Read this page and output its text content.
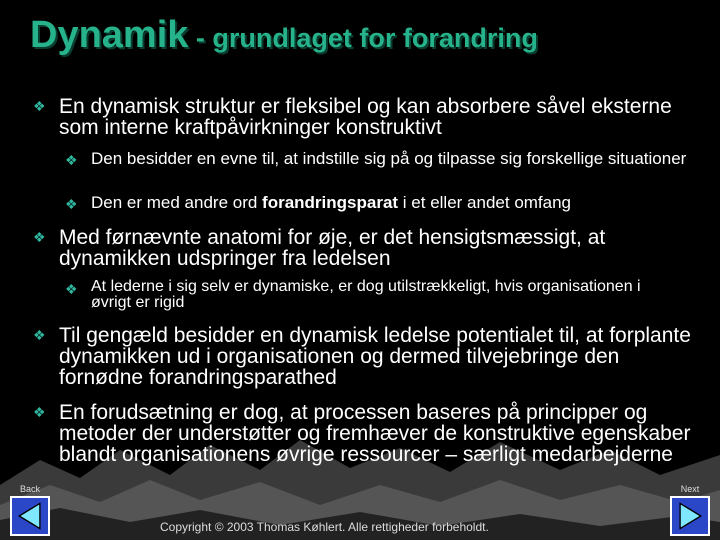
Dynamik - grundlaget for forandring
❖ En dynamisk struktur er fleksibel og kan absorbere såvel eksterne som interne kraftpåvirkninger konstruktivt
❖ Den besidder en evne til, at indstille sig på og tilpasse sig forskellige situationer
❖ Den er med andre ord forandringsparat i et eller andet omfang
❖ Med førnævnte anatomi for øje, er det hensigtsmæssigt, at dynamikken udspringer fra ledelsen
❖ At lederne i sig selv er dynamiske, er dog utilstrækkeligt, hvis organisationen i øvrigt er rigid
❖ Til gengæld besidder en dynamisk ledelse potentialet til, at forplante dynamikken ud i organisationen og dermed tilvejebringe den fornødne forandringsparathed
❖ En forudsætning er dog, at processen baseres på principper og metoder der understøtter og fremhæver de konstruktive egenskaber blandt organisationens øvrige ressourcer – særligt medarbejderne
Back	Next
Copyright © 2003 Thomas Køhlert. Alle rettigheder forbeholdt.
